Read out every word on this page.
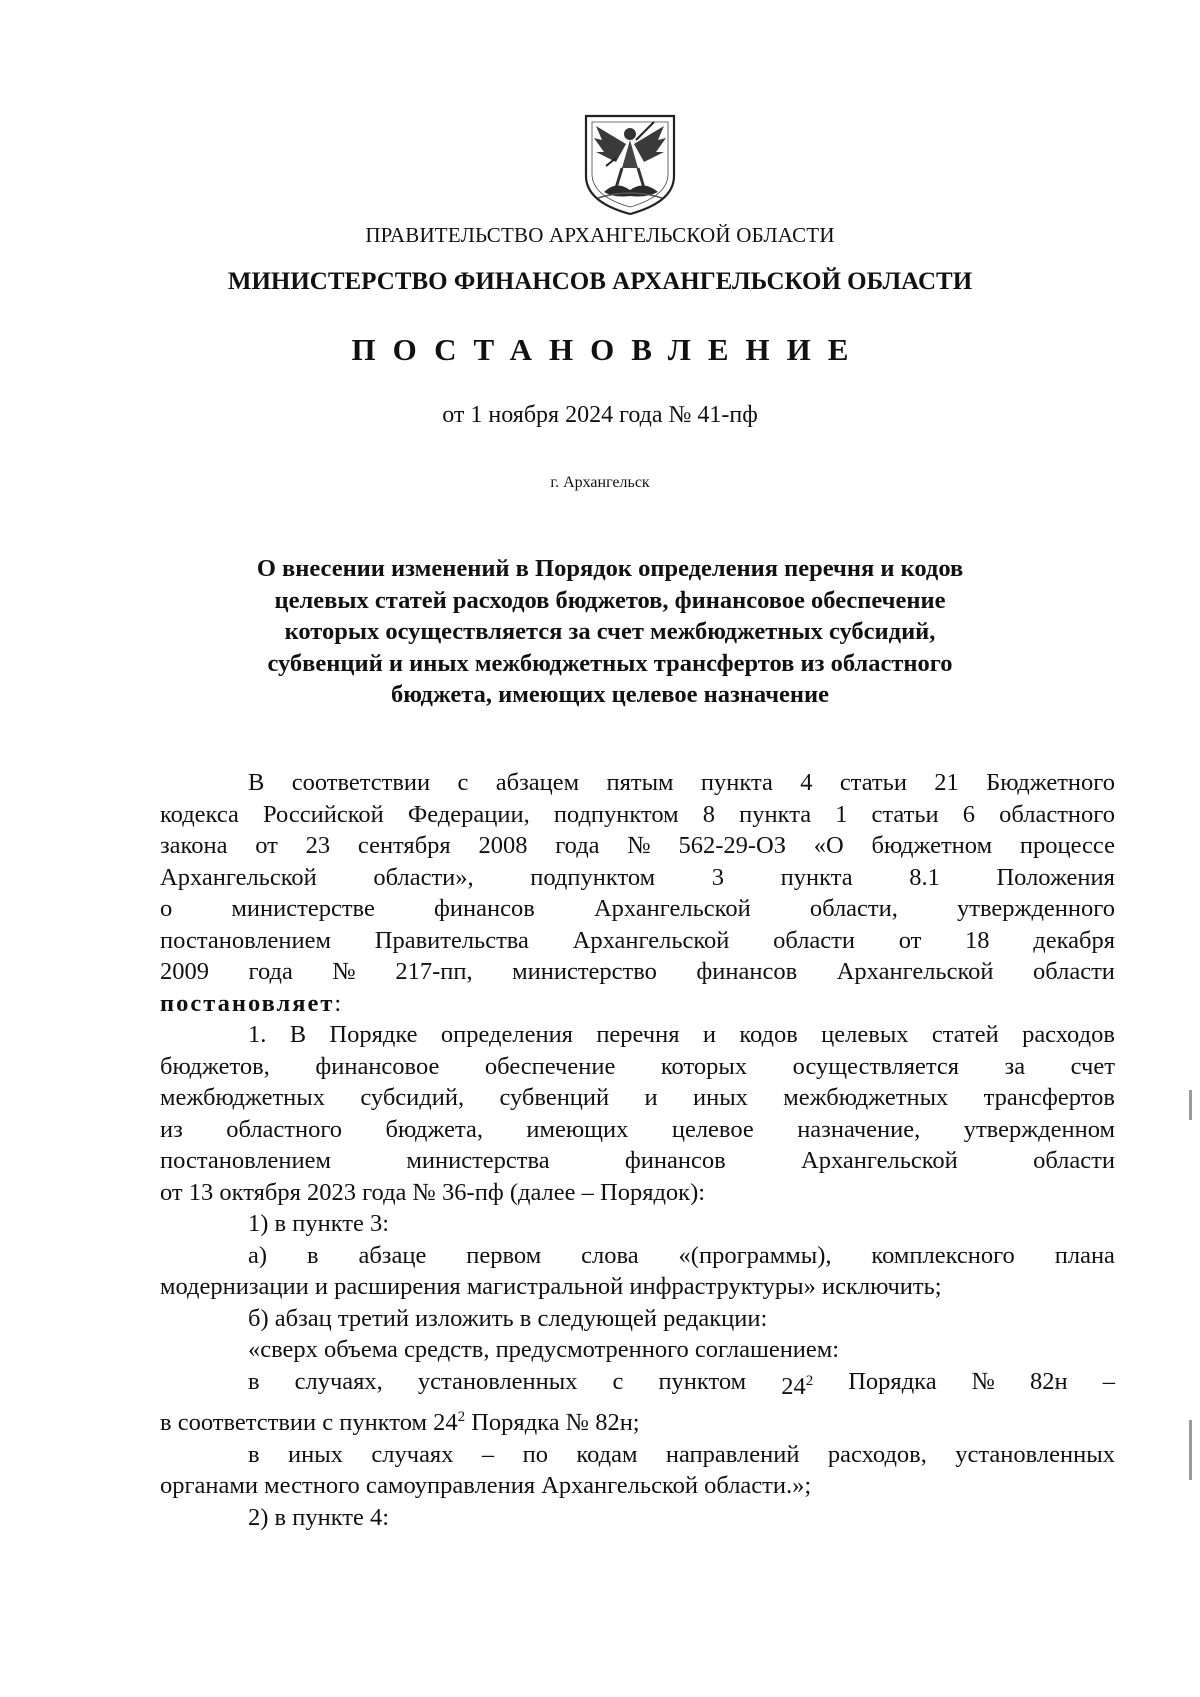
ПРАВИТЕЛЬСТВО АРХАНГЕЛЬСКОЙ ОБЛАСТИ
МИНИСТЕРСТВО ФИНАНСОВ АРХАНГЕЛЬСКОЙ ОБЛАСТИ
ПОСТАНОВЛЕНИЕ
от 1 ноября 2024 года № 41-пф
г. Архангельск
О внесении изменений в Порядок определения перечня и кодов
целевых статей расходов бюджетов, финансовое обеспечение
которых осуществляется за счет межбюджетных субсидий,
субвенций и иных межбюджетных трансфертов из областного
бюджета, имеющих целевое назначение
В соответствии с абзацем пятым пункта 4 статьи 21 Бюджетного
кодекса Российской Федерации, подпунктом 8 пункта 1 статьи 6 областного
закона от 23 сентября 2008 года № 562-29-ОЗ «О бюджетном процессе
Архангельской области», подпунктом 3 пункта 8.1 Положения
о министерстве финансов Архангельской области, утвержденного
постановлением Правительства Архангельской области от 18 декабря
2009 года № 217-пп, министерство финансов Архангельской области
постановляет:
1. В Порядке определения перечня и кодов целевых статей расходов
бюджетов, финансовое обеспечение которых осуществляется за счет
межбюджетных субсидий, субвенций и иных межбюджетных трансфертов
из областного бюджета, имеющих целевое назначение, утвержденном
постановлением	министерства	финансов	Архангельской	области
от 13 октября 2023 года № 36-пф (далее – Порядок):
1) в пункте 3:
а) в абзаце первом слова «(программы), комплексного плана
модернизации и расширения магистральной инфраструктуры» исключить;
б) абзац третий изложить в следующей редакции:
«сверх объема средств, предусмотренного соглашением:
в случаях, установленных с пунктом $24^2$ Порядка № 82н –
в соответствии с пунктом $24^2$ Порядка № 82н;
в иных случаях – по кодам направлений расходов, установленных
органами местного самоуправления Архангельской области.»;
2) в пункте 4:
